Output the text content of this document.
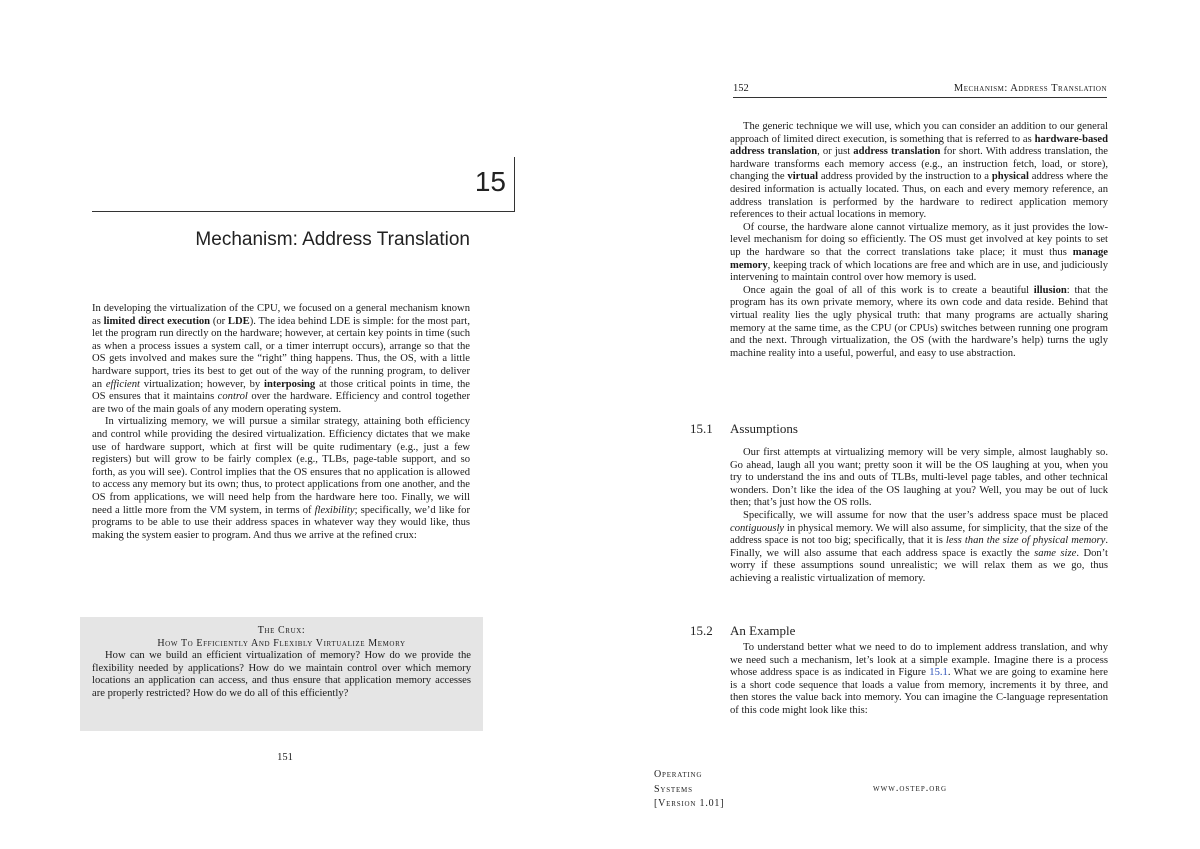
15
Mechanism: Address Translation

In developing the virtualization of the CPU, we focused on a general mechanism known as limited direct execution (or LDE). The idea behind LDE is simple: for the most part, let the program run directly on the hardware; however, at certain key points in time (such as when a process issues a system call, or a timer interrupt occurs), arrange so that the OS gets involved and makes sure the “right” thing happens. Thus, the OS, with a little hardware support, tries its best to get out of the way of the running program, to deliver an efficient virtualization; however, by interposing at those critical points in time, the OS ensures that it maintains control over the hardware. Efficiency and control together are two of the main goals of any modern operating system.

In virtualizing memory, we will pursue a similar strategy, attaining both efficiency and control while providing the desired virtualization. Efficiency dictates that we make use of hardware support, which at first will be quite rudimentary (e.g., just a few registers) but will grow to be fairly complex (e.g., TLBs, page-table support, and so forth, as you will see). Control implies that the OS ensures that no application is allowed to access any memory but its own; thus, to protect applications from one another, and the OS from applications, we will need help from the hardware here too. Finally, we will need a little more from the VM system, in terms of flexibility; specifically, we’d like for programs to be able to use their address spaces in whatever way they would like, thus making the system easier to program. And thus we arrive at the refined crux:

The Crux:
How To Efficiently And Flexibly Virtualize Memory

How can we build an efficient virtualization of memory? How do we provide the flexibility needed by applications? How do we maintain control over which memory locations an application can access, and thus ensure that application memory accesses are properly restricted? How do we do all of this efficiently?

151
152	Mechanism: Address Translation

The generic technique we will use, which you can consider an addition to our general approach of limited direct execution, is something that is referred to as hardware-based address translation, or just address translation for short. With address translation, the hardware transforms each memory access (e.g., an instruction fetch, load, or store), changing the virtual address provided by the instruction to a physical address where the desired information is actually located. Thus, on each and every memory reference, an address translation is performed by the hardware to redirect application memory references to their actual locations in memory.

Of course, the hardware alone cannot virtualize memory, as it just provides the low-level mechanism for doing so efficiently. The OS must get involved at key points to set up the hardware so that the correct translations take place; it must thus manage memory, keeping track of which locations are free and which are in use, and judiciously intervening to maintain control over how memory is used.

Once again the goal of all of this work is to create a beautiful illusion: that the program has its own private memory, where its own code and data reside. Behind that virtual reality lies the ugly physical truth: that many programs are actually sharing memory at the same time, as the CPU (or CPUs) switches between running one program and the next. Through virtualization, the OS (with the hardware’s help) turns the ugly machine reality into a useful, powerful, and easy to use abstraction.

15.1 Assumptions

Our first attempts at virtualizing memory will be very simple, almost laughably so. Go ahead, laugh all you want; pretty soon it will be the OS laughing at you, when you try to understand the ins and outs of TLBs, multi-level page tables, and other technical wonders. Don’t like the idea of the OS laughing at you? Well, you may be out of luck then; that’s just how the OS rolls.

Specifically, we will assume for now that the user’s address space must be placed contiguously in physical memory. We will also assume, for simplicity, that the size of the address space is not too big; specifically, that it is less than the size of physical memory. Finally, we will also assume that each address space is exactly the same size. Don’t worry if these assumptions sound unrealistic; we will relax them as we go, thus achieving a realistic virtualization of memory.

15.2 An Example

To understand better what we need to do to implement address translation, and why we need such a mechanism, let’s look at a simple example. Imagine there is a process whose address space is as indicated in Figure 15.1. What we are going to examine here is a short code sequence that loads a value from memory, increments it by three, and then stores the value back into memory. You can imagine the C-language representation of this code might look like this:

Operating
Systems
[Version 1.01]
www.ostep.org
